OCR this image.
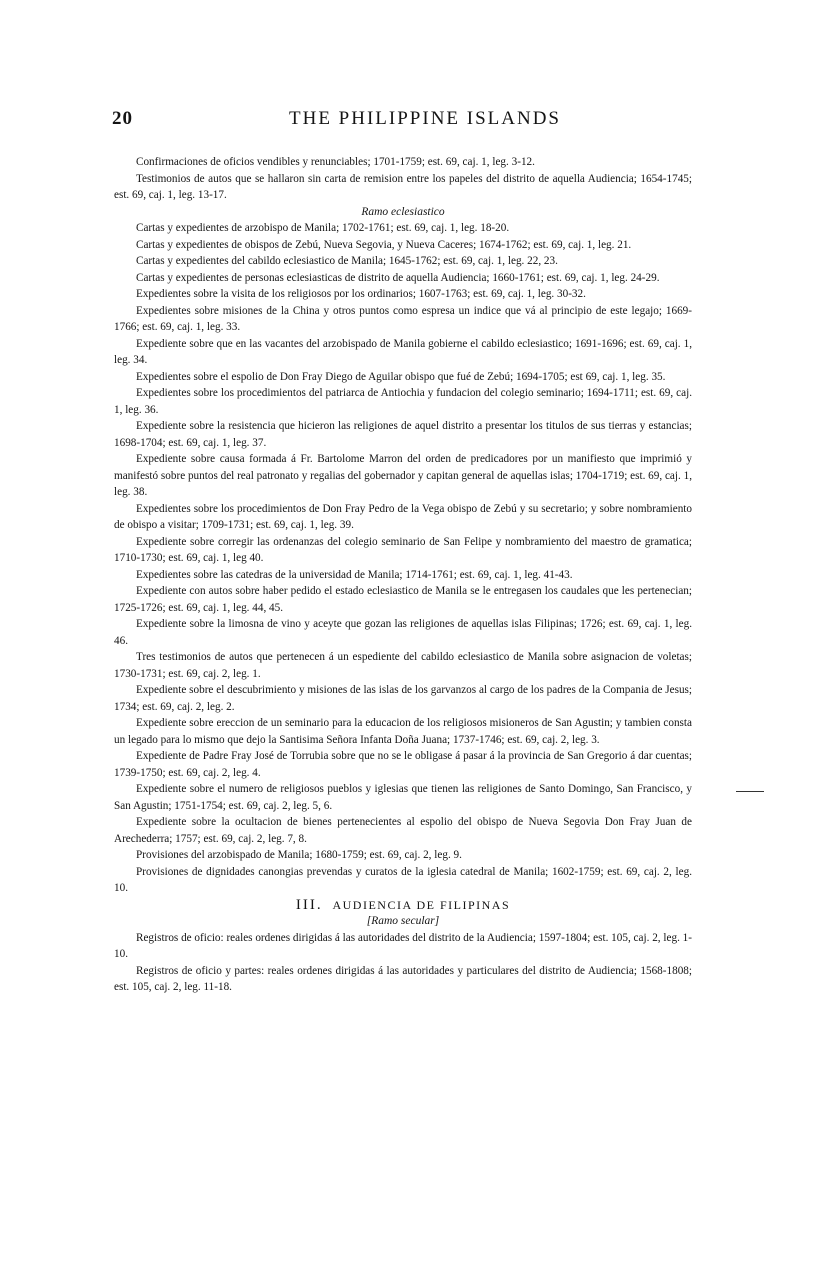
20	THE PHILIPPINE ISLANDS

Confirmaciones de oficios vendibles y renunciables; 1701-1759; est. 69, caj. 1, leg. 3-12.

Testimonios de autos que se hallaron sin carta de remision entre los papeles del distrito de aquella Audiencia; 1654-1745; est. 69, caj. 1, leg. 13-17.

Ramo eclesiastico

Cartas y expedientes de arzobispo de Manila; 1702-1761; est. 69, caj. 1, leg. 18-20.

Cartas y expedientes de obispos de Zebú, Nueva Segovia, y Nueva Caceres; 1674-1762; est. 69, caj. 1, leg. 21.

Cartas y expedientes del cabildo eclesiastico de Manila; 1645-1762; est. 69, caj. 1, leg. 22, 23.

Cartas y expedientes de personas eclesiasticas de distrito de aquella Audiencia; 1660-1761; est. 69, caj. 1, leg. 24-29.

Expedientes sobre la visita de los religiosos por los ordinarios; 1607-1763; est. 69, caj. 1, leg. 30-32.

Expedientes sobre misiones de la China y otros puntos como espresa un indice que vá al principio de este legajo; 1669-1766; est. 69, caj. 1, leg. 33.

Expediente sobre que en las vacantes del arzobispado de Manila gobierne el cabildo eclesiastico; 1691-1696; est. 69, caj. 1, leg. 34.

Expedientes sobre el espolio de Don Fray Diego de Aguilar obispo que fué de Zebú; 1694-1705; est 69, caj. 1, leg. 35.

Expedientes sobre los procedimientos del patriarca de Antiochia y fundacion del colegio seminario; 1694-1711; est. 69, caj. 1, leg. 36.

Expediente sobre la resistencia que hicieron las religiones de aquel distrito a presentar los titulos de sus tierras y estancias; 1698-1704; est. 69, caj. 1, leg. 37.

Expediente sobre causa formada á Fr. Bartolome Marron del orden de predicadores por un manifiesto que imprimió y manifestó sobre puntos del real patronato y regalias del gobernador y capitan general de aquellas islas; 1704-1719; est. 69, caj. 1, leg. 38.

Expedientes sobre los procedimientos de Don Fray Pedro de la Vega obispo de Zebú y su secretario; y sobre nombramiento de obispo a visitar; 1709-1731; est. 69, caj. 1, leg. 39.

Expediente sobre corregir las ordenanzas del colegio seminario de San Felipe y nombramiento del maestro de gramatica; 1710-1730; est. 69, caj. 1, leg 40.

Expedientes sobre las catedras de la universidad de Manila; 1714-1761; est. 69, caj. 1, leg. 41-43.

Expediente con autos sobre haber pedido el estado eclesiastico de Manila se le entregasen los caudales que les pertenecian; 1725-1726; est. 69, caj. 1, leg. 44, 45.

Expediente sobre la limosna de vino y aceyte que gozan las religiones de aquellas islas Filipinas; 1726; est. 69, caj. 1, leg. 46.

Tres testimonios de autos que pertenecen á un espediente del cabildo eclesiastico de Manila sobre asignacion de voletas; 1730-1731; est. 69, caj. 2, leg. 1.

Expediente sobre el descubrimiento y misiones de las islas de los garvanzos al cargo de los padres de la Compania de Jesus; 1734; est. 69, caj. 2, leg. 2.

Expediente sobre ereccion de un seminario para la educacion de los religiosos misioneros de San Agustin; y tambien consta un legado para lo mismo que dejo la Santisima Señora Infanta Doña Juana; 1737-1746; est. 69, caj. 2, leg. 3.

Expediente de Padre Fray José de Torrubia sobre que no se le obligase á pasar á la provincia de San Gregorio á dar cuentas; 1739-1750; est. 69, caj. 2, leg. 4.

Expediente sobre el numero de religiosos pueblos y iglesias que tienen las religiones de Santo Domingo, San Francisco, y San Agustin; 1751-1754; est. 69, caj. 2, leg. 5, 6.

Expediente sobre la ocultacion de bienes pertenecientes al espolio del obispo de Nueva Segovia Don Fray Juan de Arechederra; 1757; est. 69, caj. 2, leg. 7, 8.

Provisiones del arzobispado de Manila; 1680-1759; est. 69, caj. 2, leg. 9.

Provisiones de dignidades canongias prevendas y curatos de la iglesia catedral de Manila; 1602-1759; est. 69, caj. 2, leg. 10.

III. AUDIENCIA DE FILIPINAS

[Ramo secular]

Registros de oficio: reales ordenes dirigidas á las autoridades del distrito de la Audiencia; 1597-1804; est. 105, caj. 2, leg. 1-10.

Registros de oficio y partes: reales ordenes dirigidas á las autoridades y particulares del distrito de Audiencia; 1568-1808; est. 105, caj. 2, leg. 11-18.
